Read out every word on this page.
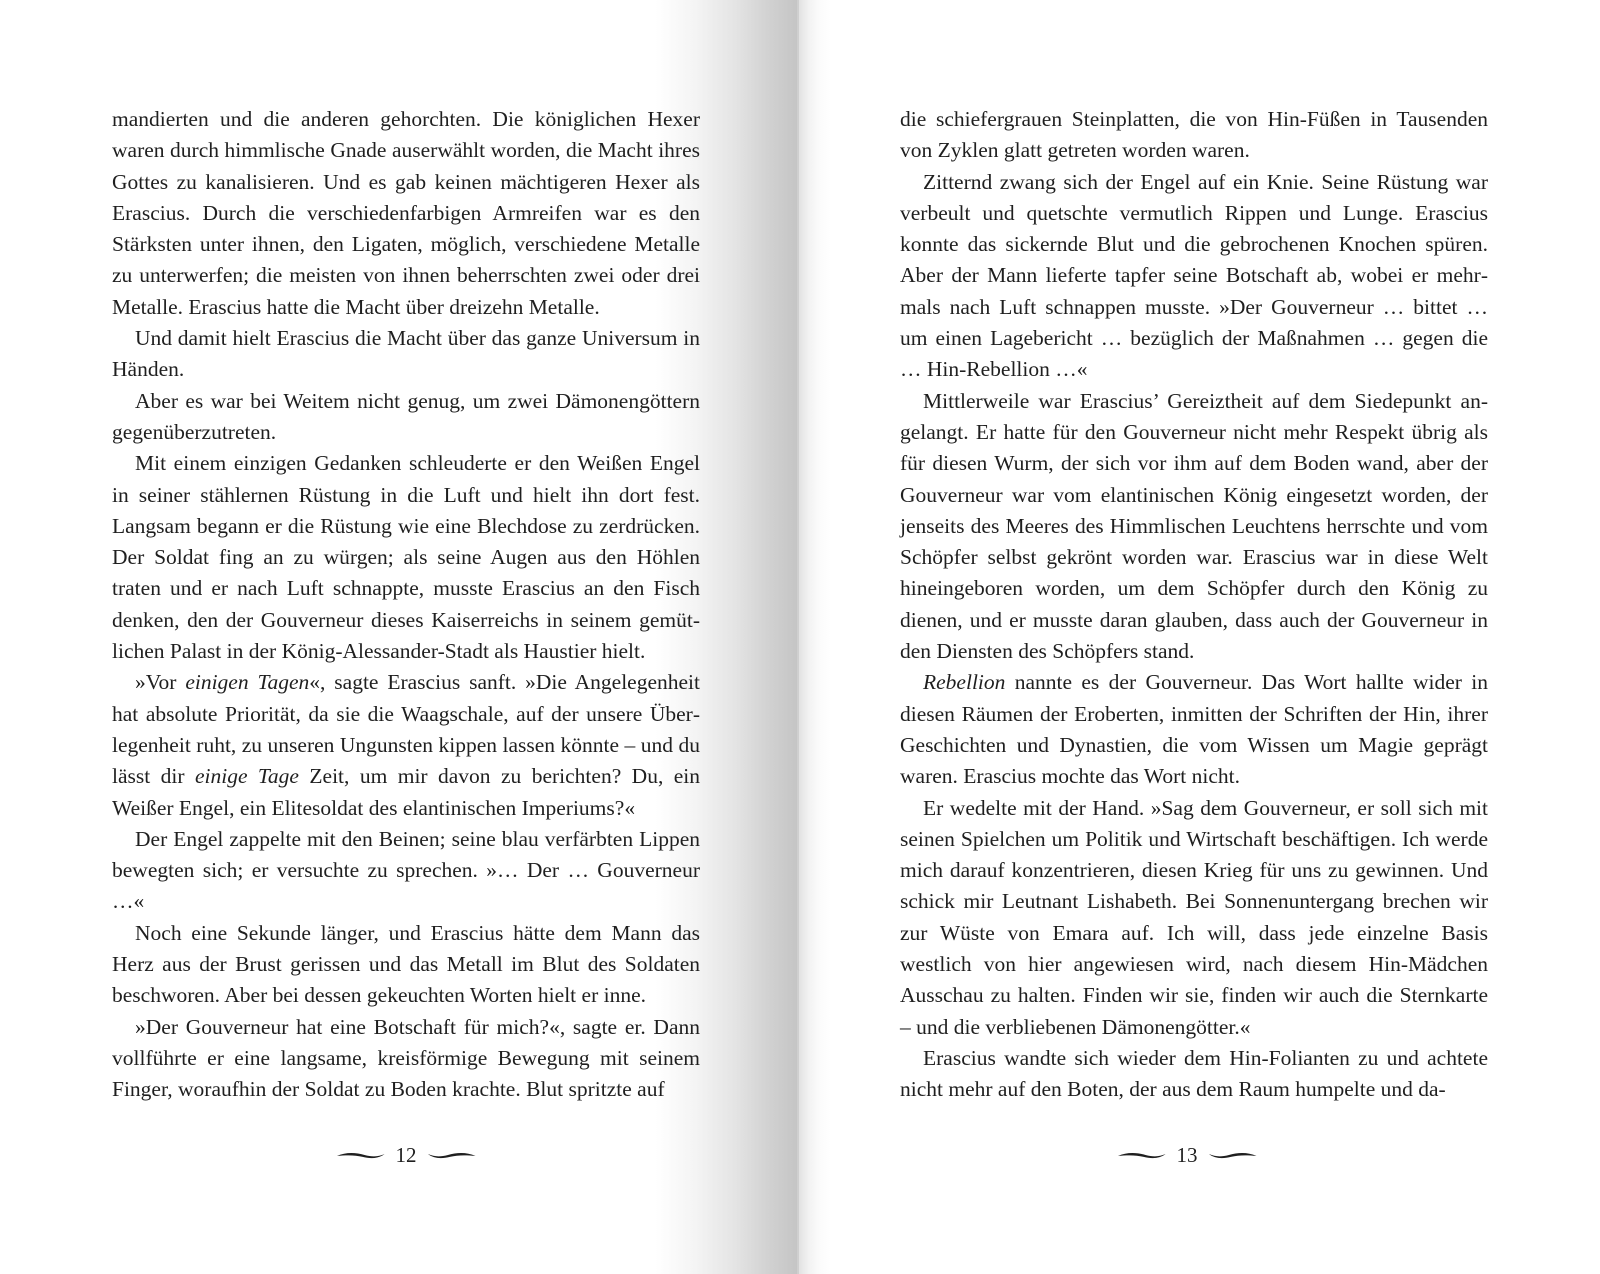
mandierten und die anderen gehorchten. Die königlichen Hexer waren durch himmlische Gnade auserwählt worden, die Macht ihres Gottes zu kanalisieren. Und es gab keinen mächtigeren Hexer als Erascius. Durch die verschiedenfarbigen Armreifen war es den Stärksten unter ihnen, den Ligaten, möglich, verschiedene Metalle zu unterwerfen; die meisten von ihnen beherrschten zwei oder drei Metalle. Erascius hatte die Macht über dreizehn Metalle.

Und damit hielt Erascius die Macht über das ganze Universum in Händen.

Aber es war bei Weitem nicht genug, um zwei Dämonengöttern gegenüberzutreten.

Mit einem einzigen Gedanken schleuderte er den Weißen Engel in seiner stählernen Rüstung in die Luft und hielt ihn dort fest. Langsam begann er die Rüstung wie eine Blechdose zu zerdrücken. Der Soldat fing an zu würgen; als seine Augen aus den Höhlen traten und er nach Luft schnappte, musste Erascius an den Fisch denken, den der Gouverneur dieses Kaiserreichs in seinem gemütlichen Palast in der König-Alessander-Stadt als Haustier hielt.

»Vor einigen Tagen«, sagte Erascius sanft. »Die Angelegenheit hat absolute Priorität, da sie die Waagschale, auf der unsere Überlegenheit ruht, zu unseren Ungunsten kippen lassen könnte – und du lässt dir einige Tage Zeit, um mir davon zu berichten? Du, ein Weißer Engel, ein Elitesoldat des elantinischen Imperiums?«

Der Engel zappelte mit den Beinen; seine blau verfärbten Lippen bewegten sich; er versuchte zu sprechen. »… Der … Gouverneur …«

Noch eine Sekunde länger, und Erascius hätte dem Mann das Herz aus der Brust gerissen und das Metall im Blut des Soldaten beschworen. Aber bei dessen gekeuchten Worten hielt er inne.

»Der Gouverneur hat eine Botschaft für mich?«, sagte er. Dann vollführte er eine langsame, kreisförmige Bewegung mit seinem Finger, woraufhin der Soldat zu Boden krachte. Blut spritzte auf

12

die schiefergrauen Steinplatten, die von Hin-Füßen in Tausenden von Zyklen glatt getreten worden waren.

Zitternd zwang sich der Engel auf ein Knie. Seine Rüstung war verbeult und quetschte vermutlich Rippen und Lunge. Erascius konnte das sickernde Blut und die gebrochenen Knochen spüren. Aber der Mann lieferte tapfer seine Botschaft ab, wobei er mehrmals nach Luft schnappen musste. »Der Gouverneur … bittet … um einen Lagebericht … bezüglich der Maßnahmen … gegen die … Hin-Rebellion …«

Mittlerweile war Erascius’ Gereiztheit auf dem Siedepunkt angelangt. Er hatte für den Gouverneur nicht mehr Respekt übrig als für diesen Wurm, der sich vor ihm auf dem Boden wand, aber der Gouverneur war vom elantinischen König eingesetzt worden, der jenseits des Meeres des Himmlischen Leuchtens herrschte und vom Schöpfer selbst gekrönt worden war. Erascius war in diese Welt hineingeboren worden, um dem Schöpfer durch den König zu dienen, und er musste daran glauben, dass auch der Gouverneur in den Diensten des Schöpfers stand.

Rebellion nannte es der Gouverneur. Das Wort hallte wider in diesen Räumen der Eroberten, inmitten der Schriften der Hin, ihrer Geschichten und Dynastien, die vom Wissen um Magie geprägt waren. Erascius mochte das Wort nicht.

Er wedelte mit der Hand. »Sag dem Gouverneur, er soll sich mit seinen Spielchen um Politik und Wirtschaft beschäftigen. Ich werde mich darauf konzentrieren, diesen Krieg für uns zu gewinnen. Und schick mir Leutnant Lishabeth. Bei Sonnenuntergang brechen wir zur Wüste von Emara auf. Ich will, dass jede einzelne Basis westlich von hier angewiesen wird, nach diesem Hin-Mädchen Ausschau zu halten. Finden wir sie, finden wir auch die Sternkarte – und die verbliebenen Dämonengötter.«

Erascius wandte sich wieder dem Hin-Folianten zu und achtete nicht mehr auf den Boten, der aus dem Raum humpelte und da-

13
